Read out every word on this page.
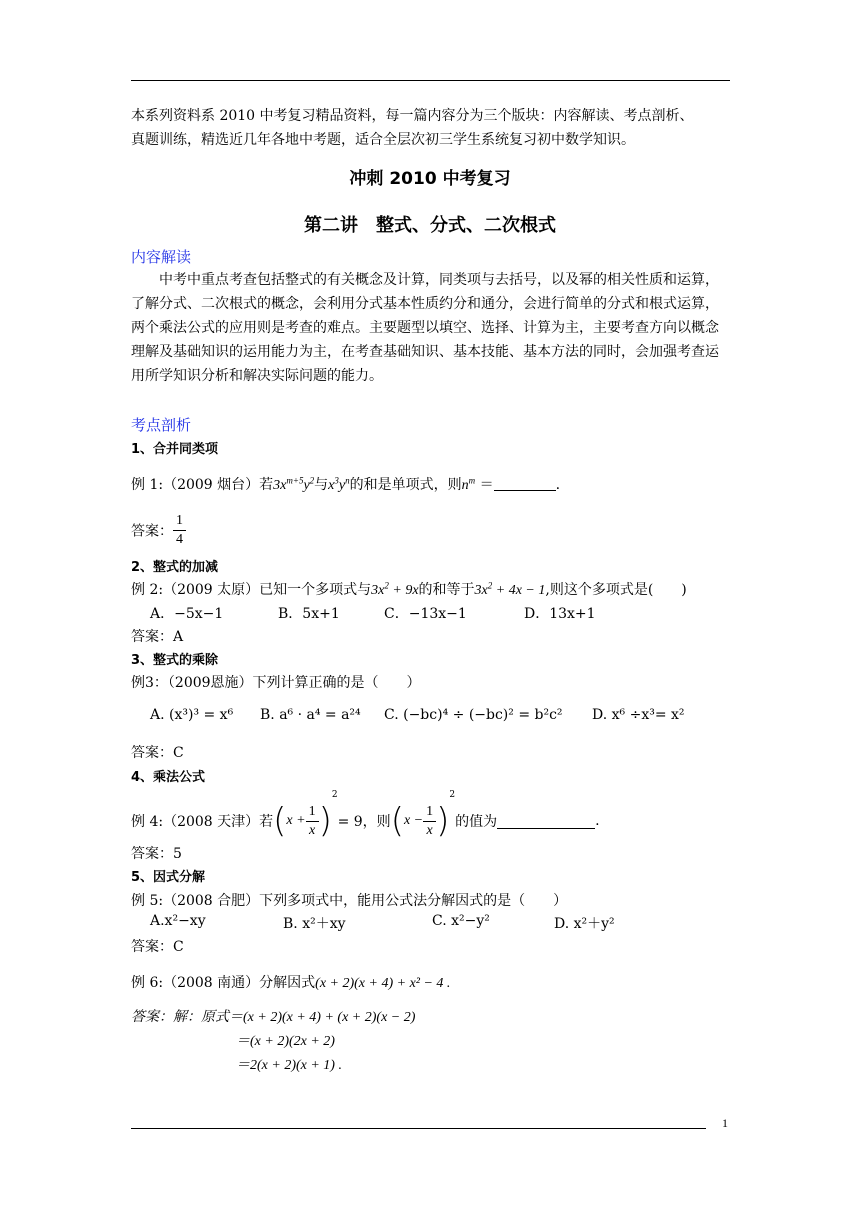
本系列资料系 2010 中考复习精品资料，每一篇内容分为三个版块：内容解读、考点剖析、
真题训练，精选近几年各地中考题，适合全层次初三学生系统复习初中数学知识。
冲刺 2010 中考复习
第二讲　整式、分式、二次根式
内容解读
中考中重点考查包括整式的有关概念及计算，同类项与去括号，以及幂的相关性质和运算，了解分式、二次根式的概念，会利用分式基本性质约分和通分，会进行简单的分式和根式运算，两个乘法公式的应用则是考查的难点。主要题型以填空、选择、计算为主，主要考查方向以概念理解及基础知识的运用能力为主，在考查基础知识、基本技能、基本方法的同时，会加强考查运用所学知识分析和解决实际问题的能力。
考点剖析
1、合并同类项
例 1:（2009 烟台）若$3x^{m+5}y^2$与$x^3y^n$的和是单项式，则$n^m$ ＝	.
答案： $\frac{1}{4}$
2、整式的加减
例 2:（2009 太原）已知一个多项式与$3x^2 + 9x$的和等于$3x^2 + 4x - 1$,则这个多项式是(　　)
A．−5x−1	B．5x+1	C．−13x−1	D．13x+1
答案：A
3、整式的乘除
例3：（2009恩施）下列计算正确的是（　　）
A. (x³)³ = x⁶ B. a⁶ · a⁴ = a²⁴ C. (−bc)⁴ ÷ (−bc)² = b²c² D. x⁶ ÷x³= x²
答案：C
4、乘法公式
例 4:（2008 天津）若$(x + \frac{1}{x} )^2= 9$，则$(x - \frac{1}{x} )^2$的值为	.
答案：5
5、因式分解
例 5:（2008 合肥）下列多项式中，能用公式法分解因式的是（　　）
A.x²−xy	B. x²＋xy	C. x²−y²	D. x²＋y²
答案：C
例 6:（2008 南通）分解因式(x + 2)(x + 4) + x² − 4 .
答案：解：原式＝(x + 2)(x + 4) + (x + 2)(x − 2)
＝(x + 2)(2x + 2)
＝2(x + 2)(x + 1) .
1
